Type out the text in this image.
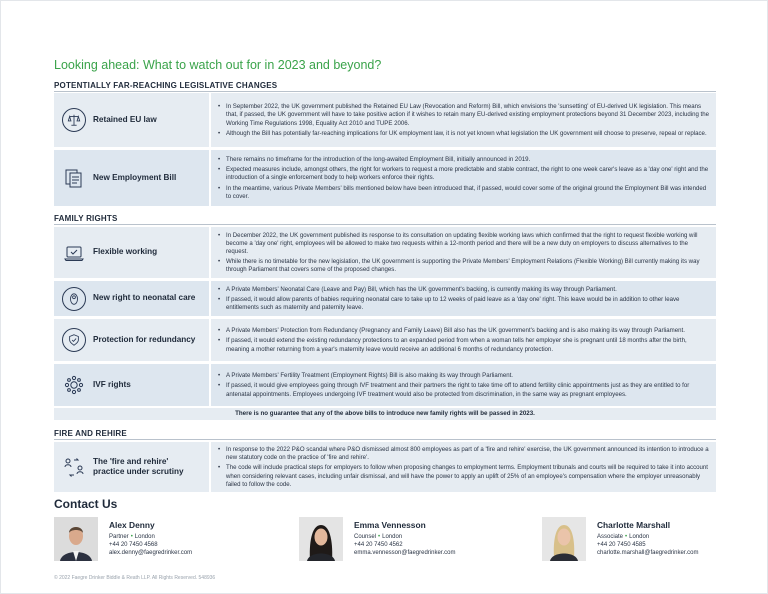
Looking ahead: What to watch out for in 2023 and beyond?
POTENTIALLY FAR-REACHING LEGISLATIVE CHANGES
Retained EU law
• In September 2022, the UK government published the Retained EU Law (Revocation and Reform) Bill, which envisions the 'sunsetting' of EU-derived UK legislation. This means that, if passed, the UK government will have to take positive action if it wishes to retain many EU-derived existing employment protections beyond 31 December 2023, including the Working Time Regulations 1998, Equality Act 2010 and TUPE 2006.
• Although the Bill has potentially far-reaching implications for UK employment law, it is not yet known what legislation the UK government will choose to preserve, repeal or replace.
New Employment Bill
• There remains no timeframe for the introduction of the long-awaited Employment Bill, initially announced in 2019.
• Expected measures include, amongst others, the right for workers to request a more predictable and stable contract, the right to one week carer's leave as a 'day one' right and the introduction of a single enforcement body to help workers enforce their rights.
• In the meantime, various Private Members' bills mentioned below have been introduced that, if passed, would cover some of the original ground the Employment Bill was intended to cover.
FAMILY RIGHTS
Flexible working
• In December 2022, the UK government published its response to its consultation on updating flexible working laws which confirmed that the right to request flexible working will become a 'day one' right, employees will be allowed to make two requests within a 12-month period and there will be a new duty on employers to discuss alternatives to the request.
• While there is no timetable for the new legislation, the UK government is supporting the Private Members' Employment Relations (Flexible Working) Bill currently making its way through Parliament that covers some of the proposed changes.
New right to neonatal care
• A Private Members' Neonatal Care (Leave and Pay) Bill, which has the UK government's backing, is currently making its way through Parliament.
• If passed, it would allow parents of babies requiring neonatal care to take up to 12 weeks of paid leave as a 'day one' right. This leave would be in addition to other leave entitlements such as maternity and paternity leave.
Protection for redundancy
• A Private Members' Protection from Redundancy (Pregnancy and Family Leave) Bill also has the UK government's backing and is also making its way through Parliament.
• If passed, it would extend the existing redundancy protections to an expanded period from when a woman tells her employer she is pregnant until 18 months after the birth, meaning a mother returning from a year's maternity leave would receive an additional 6 months of redundancy protection.
IVF rights
• A Private Members' Fertility Treatment (Employment Rights) Bill is also making its way through Parliament.
• If passed, it would give employees going through IVF treatment and their partners the right to take time off to attend fertility clinic appointments just as they are entitled to for antenatal appointments. Employees undergoing IVF treatment would also be protected from discrimination, in the same way as pregnant employees.
There is no guarantee that any of the above bills to introduce new family rights will be passed in 2023.
FIRE AND REHIRE
The 'fire and rehire' practice under scrutiny
• In response to the 2022 P&O scandal where P&O dismissed almost 800 employees as part of a 'fire and rehire' exercise, the UK government announced its intention to introduce a new statutory code on the practice of 'fire and rehire'.
• The code will include practical steps for employers to follow when proposing changes to employment terms. Employment tribunals and courts will be required to take it into account when considering relevant cases, including unfair dismissal, and will have the power to apply an uplift of 25% of an employee's compensation where the employer unreasonably failed to follow the code.
Contact Us
Alex Denny
Partner • London
+44 20 7450 4568
alex.denny@faegredrinker.com
Emma Vennesson
Counsel • London
+44 20 7450 4562
emma.vennesson@faegredrinker.com
Charlotte Marshall
Associate • London
+44 20 7450 4585
charlotte.marshall@faegredrinker.com
© 2022 Faegre Drinker Biddle & Reath LLP. All Rights Reserved. 548936
